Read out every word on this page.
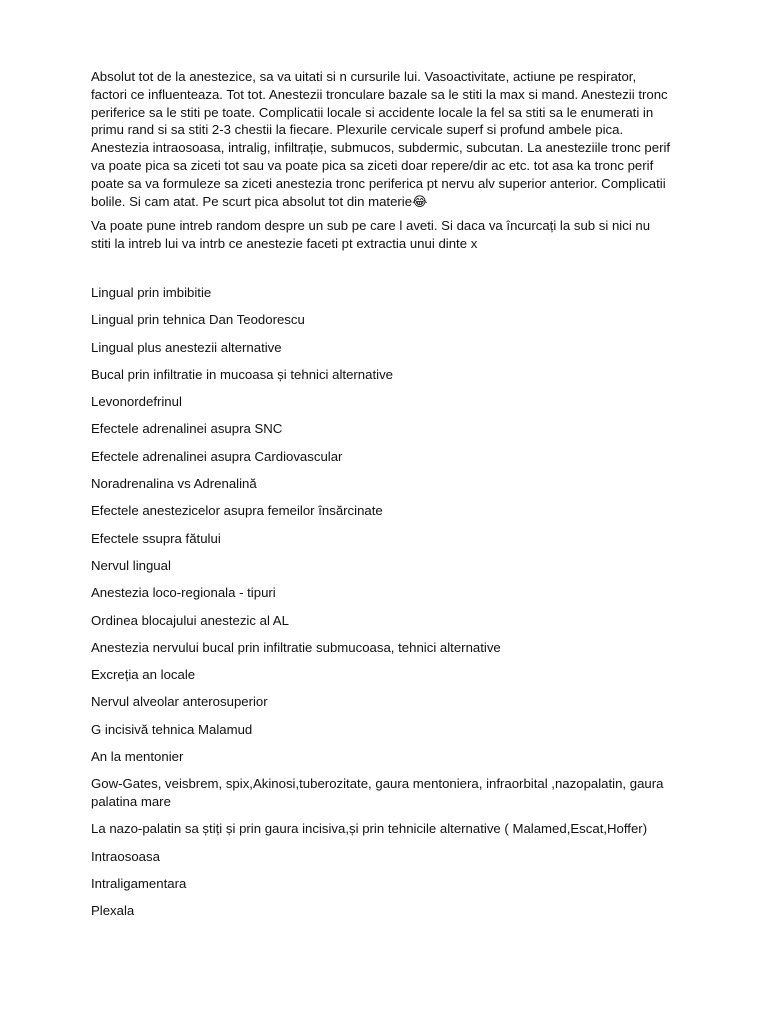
Absolut tot de la anestezice, sa va uitati si n cursurile lui. Vasoactivitate, actiune pe respirator, factori ce influenteaza. Tot tot. Anestezii tronculare bazale sa le stiti la max si mand. Anestezii tronc periferice sa le stiti pe toate. Complicatii locale si accidente locale la fel sa stiti sa le enumerati in primu rand si sa stiti 2-3 chestii la fiecare. Plexurile cervicale superf si profund ambele pica. Anestezia intraosoasa, intralig, infiltrație, submucos, subdermic, subcutan. La anesteziile tronc perif va poate pica sa ziceti tot sau va poate pica sa ziceti doar repere/dir ac etc. tot asa ka tronc perif poate sa va formuleze sa ziceti anestezia tronc periferica pt nervu alv superior anterior. Complicatii bolile. Si cam atat. Pe scurt pica absolut tot din materie😂

Va poate pune intreb random despre un sub pe care l aveti. Si daca va încurcați la sub si nici nu stiti la intreb lui va intrb ce anestezie faceti pt extractia unui dinte x

Lingual prin imbibitie

Lingual prin tehnica Dan Teodorescu

Lingual plus anestezii alternative

Bucal prin infiltratie in mucoasa și tehnici alternative

Levonordefrinul

Efectele adrenalinei asupra SNC

Efectele adrenalinei asupra Cardiovascular

Noradrenalina vs Adrenalină

Efectele anestezicelor asupra femeilor însărcinate

Efectele ssupra fătului

Nervul lingual

Anestezia loco-regionala - tipuri

Ordinea blocajului anestezic al AL

Anestezia nervului bucal prin infiltratie submucoasa, tehnici alternative

Excreția an locale

Nervul alveolar anterosuperior

G incisivă tehnica Malamud

An la mentonier

Gow-Gates, veisbrem, spix,Akinosi,tuberozitate, gaura mentoniera, infraorbital ,nazopalatin, gaura palatina mare

La nazo-palatin sa știți și prin gaura incisiva,și prin tehnicile alternative ( Malamed,Escat,Hoffer)

Intraosoasa

Intraligamentara

Plexala
